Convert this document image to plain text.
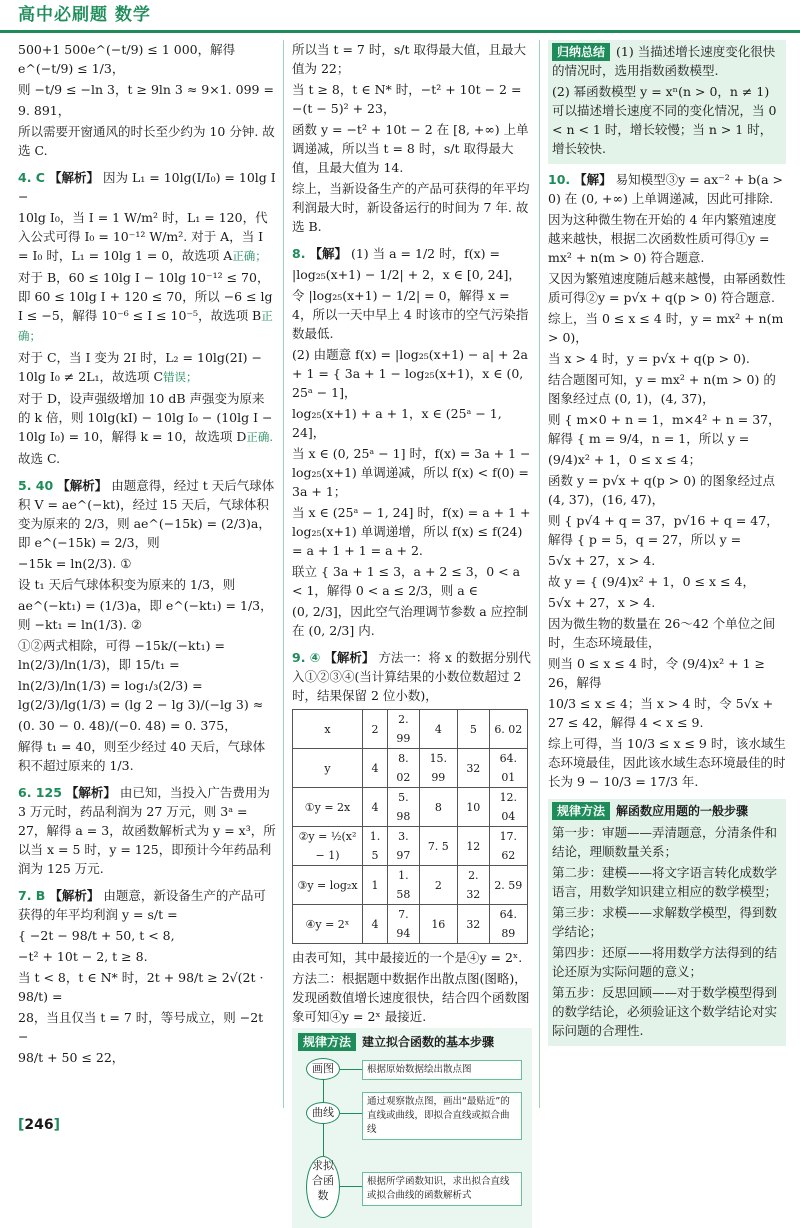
高中必刷题 数学

500+1 500e^(−t/9) ≤ 1 000，解得 e^(−t/9) ≤ 1/3，

则 −t/9 ≤ −ln 3，t ≥ 9ln 3 ≈ 9×1. 099 =

9. 891，

所以需要开窗通风的时长至少约为 10 分钟. 故选 C.

4. C 【解析】 因为 L₁ = 10lg(I/I₀) = 10lg I −

10lg I₀，当 I = 1 W/m² 时，L₁ = 120，代入公式可得 I₀ = 10⁻¹² W/m². 对于 A，当 I = I₀ 时，L₁ = 10lg 1 = 0，故选项 A正确；

对于 B，60 ≤ 10lg I − 10lg 10⁻¹² ≤ 70，即 60 ≤ 10lg I + 120 ≤ 70，所以 −6 ≤ lg I ≤ −5，解得 10⁻⁶ ≤ I ≤ 10⁻⁵，故选项 B正确；

对于 C，当 I 变为 2I 时，L₂ = 10lg(2I) − 10lg I₀ ≠ 2L₁，故选项 C错误；

对于 D，设声强级增加 10 dB 声强变为原来的 k 倍，则 10lg(kI) − 10lg I₀ − (10lg I − 10lg I₀) = 10，解得 k = 10，故选项 D正确.

故选 C.

5. 40 【解析】 由题意得，经过 t 天后气球体积 V = ae^(−kt)，经过 15 天后，气球体积变为原来的 2/3，则 ae^(−15k) = (2/3)a，即 e^(−15k) = 2/3，则

−15k = ln(2/3). ①

设 t₁ 天后气球体积变为原来的 1/3，则

ae^(−kt₁) = (1/3)a，即 e^(−kt₁) = 1/3，则 −kt₁ = ln(1/3). ②

①②两式相除，可得 −15k/(−kt₁) = ln(2/3)/ln(1/3)，即 15/t₁ =

ln(2/3)/ln(1/3) = log₁/₃(2/3) = lg(2/3)/lg(1/3) = (lg 2 − lg 3)/(−lg 3) ≈

(0. 30 − 0. 48)/(−0. 48) = 0. 375，

解得 t₁ = 40，则至少经过 40 天后，气球体积不超过原来的 1/3.

6. 125 【解析】 由已知，当投入广告费用为 3 万元时，药品利润为 27 万元，则 3ᵃ = 27，解得 a = 3，故函数解析式为 y = x³，所以当 x = 5 时，y = 125，即预计今年药品利润为 125 万元.

7. B 【解析】 由题意，新设备生产的产品可获得的年平均利润 y = s/t =

{ −2t − 98/t + 50, t < 8,

−t² + 10t − 2, t ≥ 8.

当 t < 8，t ∈ N* 时，2t + 98/t ≥ 2√(2t · 98/t) =

28，当且仅当 t = 7 时，等号成立，则 −2t −

98/t + 50 ≤ 22，

所以当 t = 7 时，s/t 取得最大值，且最大值为 22；

当 t ≥ 8，t ∈ N* 时，−t² + 10t − 2 = −(t − 5)² + 23，

函数 y = −t² + 10t − 2 在 [8, +∞) 上单调递减，所以当 t = 8 时，s/t 取得最大值，且最大值为 14.

综上，当新设备生产的产品可获得的年平均利润最大时，新设备运行的时间为 7 年. 故选 B.

8. 【解】 (1) 当 a = 1/2 时，f(x) =

|log₂₅(x+1) − 1/2| + 2，x ∈ [0, 24]，

令 |log₂₅(x+1) − 1/2| = 0，解得 x = 4，所以一天中早上 4 时该市的空气污染指数最低.

(2) 由题意 f(x) = |log₂₅(x+1) − a| + 2a + 1 = { 3a + 1 − log₂₅(x+1)，x ∈ (0, 25ᵃ − 1]，

log₂₅(x+1) + a + 1，x ∈ (25ᵃ − 1, 24]，

当 x ∈ (0, 25ᵃ − 1] 时，f(x) = 3a + 1 − log₂₅(x+1) 单调递减，所以 f(x) < f(0) = 3a + 1；

当 x ∈ (25ᵃ − 1, 24] 时，f(x) = a + 1 + log₂₅(x+1) 单调递增，所以 f(x) ≤ f(24) = a + 1 + 1 = a + 2.

联立 { 3a + 1 ≤ 3，a + 2 ≤ 3，0 < a < 1，解得 0 < a ≤ 2/3，则 a ∈

(0, 2/3]，因此空气治理调节参数 a 应控制在 (0, 2/3] 内.

9. ④ 【解析】 方法一：将 x 的数据分别代入①②③④(当计算结果的小数位数超过 2 时，结果保留 2 位小数)，

x	2	2. 99	4	5	6. 02
y	4	8. 02	15. 99	32	64. 01
①y = 2x	4	5. 98	8	10	12. 04
②y = ½(x² − 1)	1. 5	3. 97	7. 5	12	17. 62
③y = log₂x	1	1. 58	2	2. 32	2. 59
④y = 2ˣ	4	7. 94	16	32	64. 89

由表可知，其中最接近的一个是④y = 2ˣ.

方法二：根据题中数据作出散点图(图略)，发现函数值增长速度很快，结合四个函数图象可知④y = 2ˣ 最接近.

规律方法 建立拟合函数的基本步骤
画图	根据原始数据绘出散点图
曲线
通过观察散点图，画出“最贴近”的直线或曲线，即拟合直线或拟合曲线
求拟合函数
根据所学函数知识，求出拟合直线或拟合曲线的函数解析式

归纳总结 (1) 当描述增长速度变化很快的情况时，选用指数函数模型.

(2) 幂函数模型 y = xⁿ(n > 0，n ≠ 1) 可以描述增长速度不同的变化情况，当 0 < n < 1 时，增长较慢；当 n > 1 时，增长较快.

10. 【解】 易知模型③y = ax⁻² + b(a > 0) 在 (0, +∞) 上单调递减，因此可排除.

因为这种微生物在开始的 4 年内繁殖速度越来越快，根据二次函数性质可得①y = mx² + n(m > 0) 符合题意.

又因为繁殖速度随后越来越慢，由幂函数性质可得②y = p√x + q(p > 0) 符合题意.

综上，当 0 ≤ x ≤ 4 时，y = mx² + n(m > 0)，

当 x > 4 时，y = p√x + q(p > 0).

结合题图可知，y = mx² + n(m > 0) 的图象经过点 (0, 1)，(4, 37)，

则 { m×0 + n = 1，m×4² + n = 37，解得 { m = 9/4，n = 1，所以 y =

(9/4)x² + 1，0 ≤ x ≤ 4；

函数 y = p√x + q(p > 0) 的图象经过点 (4, 37)，(16, 47)，

则 { p√4 + q = 37，p√16 + q = 47，解得 { p = 5，q = 27，所以 y =

5√x + 27，x > 4.

故 y = { (9/4)x² + 1，0 ≤ x ≤ 4，

5√x + 27，x > 4.

因为微生物的数量在 26～42 个单位之间时，生态环境最佳，

则当 0 ≤ x ≤ 4 时，令 (9/4)x² + 1 ≥ 26，解得

10/3 ≤ x ≤ 4；当 x > 4 时，令 5√x + 27 ≤ 42，解得 4 < x ≤ 9.

综上可得，当 10/3 ≤ x ≤ 9 时，该水域生态环境最佳，因此该水域生态环境最佳的时长为 9 − 10/3 = 17/3 年.

规律方法 解函数应用题的一般步骤

第一步：审题——弄清题意，分清条件和结论，理顺数量关系；

第二步：建模——将文字语言转化成数学语言，用数学知识建立相应的数学模型；

第三步：求模——求解数学模型，得到数学结论；

第四步：还原——将用数学方法得到的结论还原为实际问题的意义；

第五步：反思回顾——对于数学模型得到的数学结论，必须验证这个数学结论对实际问题的合理性.

[246]
